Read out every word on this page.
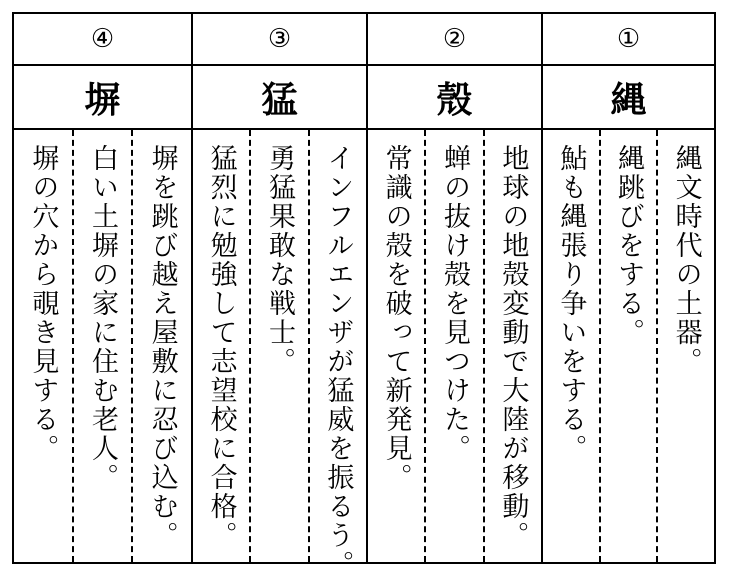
④
塀
塀を跳び越え屋敷に忍び込む。
白い土塀の家に住む老人。
塀の穴から覗き見する。
③
猛
インフルエンザが猛威を振るう。
勇猛果敢な戦士。
猛烈に勉強して志望校に合格。
②
殼
地球の地殻変動で大陸が移動。
蝉の抜け殻を見つけた。
常識の殻を破って新発見。
①
縄
縄文時代の土器。
縄跳びをする。
鮎も縄張り争いをする。
